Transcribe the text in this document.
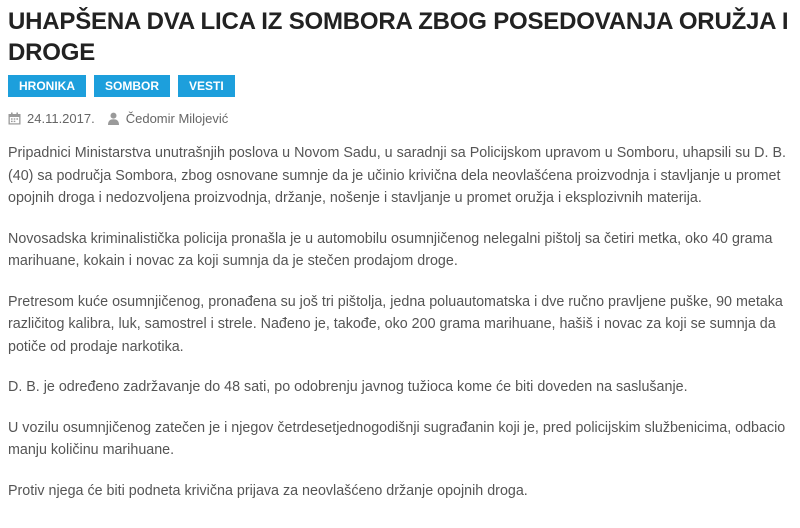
UHAPŠENA DVA LICA IZ SOMBORA ZBOG POSEDOVANJA ORUŽJA I DROGE
HRONIKA	SOMBOR	VESTI
24.11.2017. Čedomir Milojević

Pripadnici Ministarstva unutrašnjih poslova u Novom Sadu, u saradnji sa Policijskom upravom u Somboru, uhapsili su D. B. (40) sa područja Sombora, zbog osnovane sumnje da je učinio krivična dela neovlašćena proizvodnja i stavljanje u promet opojnih droga i nedozvoljena proizvodnja, držanje, nošenje i stavljanje u promet oružja i eksplozivnih materija.

Novosadska kriminalistička policija pronašla je u automobilu osumnjičenog nelegalni pištolj sa četiri metka, oko 40 grama marihuane, kokain i novac za koji sumnja da je stečen prodajom droge.

Pretresom kuće osumnjičenog, pronađena su još tri pištolja, jedna poluautomatska i dve ručno pravljene puške, 90 metaka različitog kalibra, luk, samostrel i strele. Nađeno je, takođe, oko 200 grama marihuane, hašiš i novac za koji se sumnja da potiče od prodaje narkotika.

D. B. je određeno zadržavanje do 48 sati, po odobrenju javnog tužioca kome će biti doveden na saslušanje.

U vozilu osumnjičenog zatečen je i njegov četrdesetjednogodišnji sugrađanin koji je, pred policijskim službenicima, odbacio manju količinu marihuane.

Protiv njega će biti podneta krivična prijava za neovlašćeno držanje opojnih droga.
